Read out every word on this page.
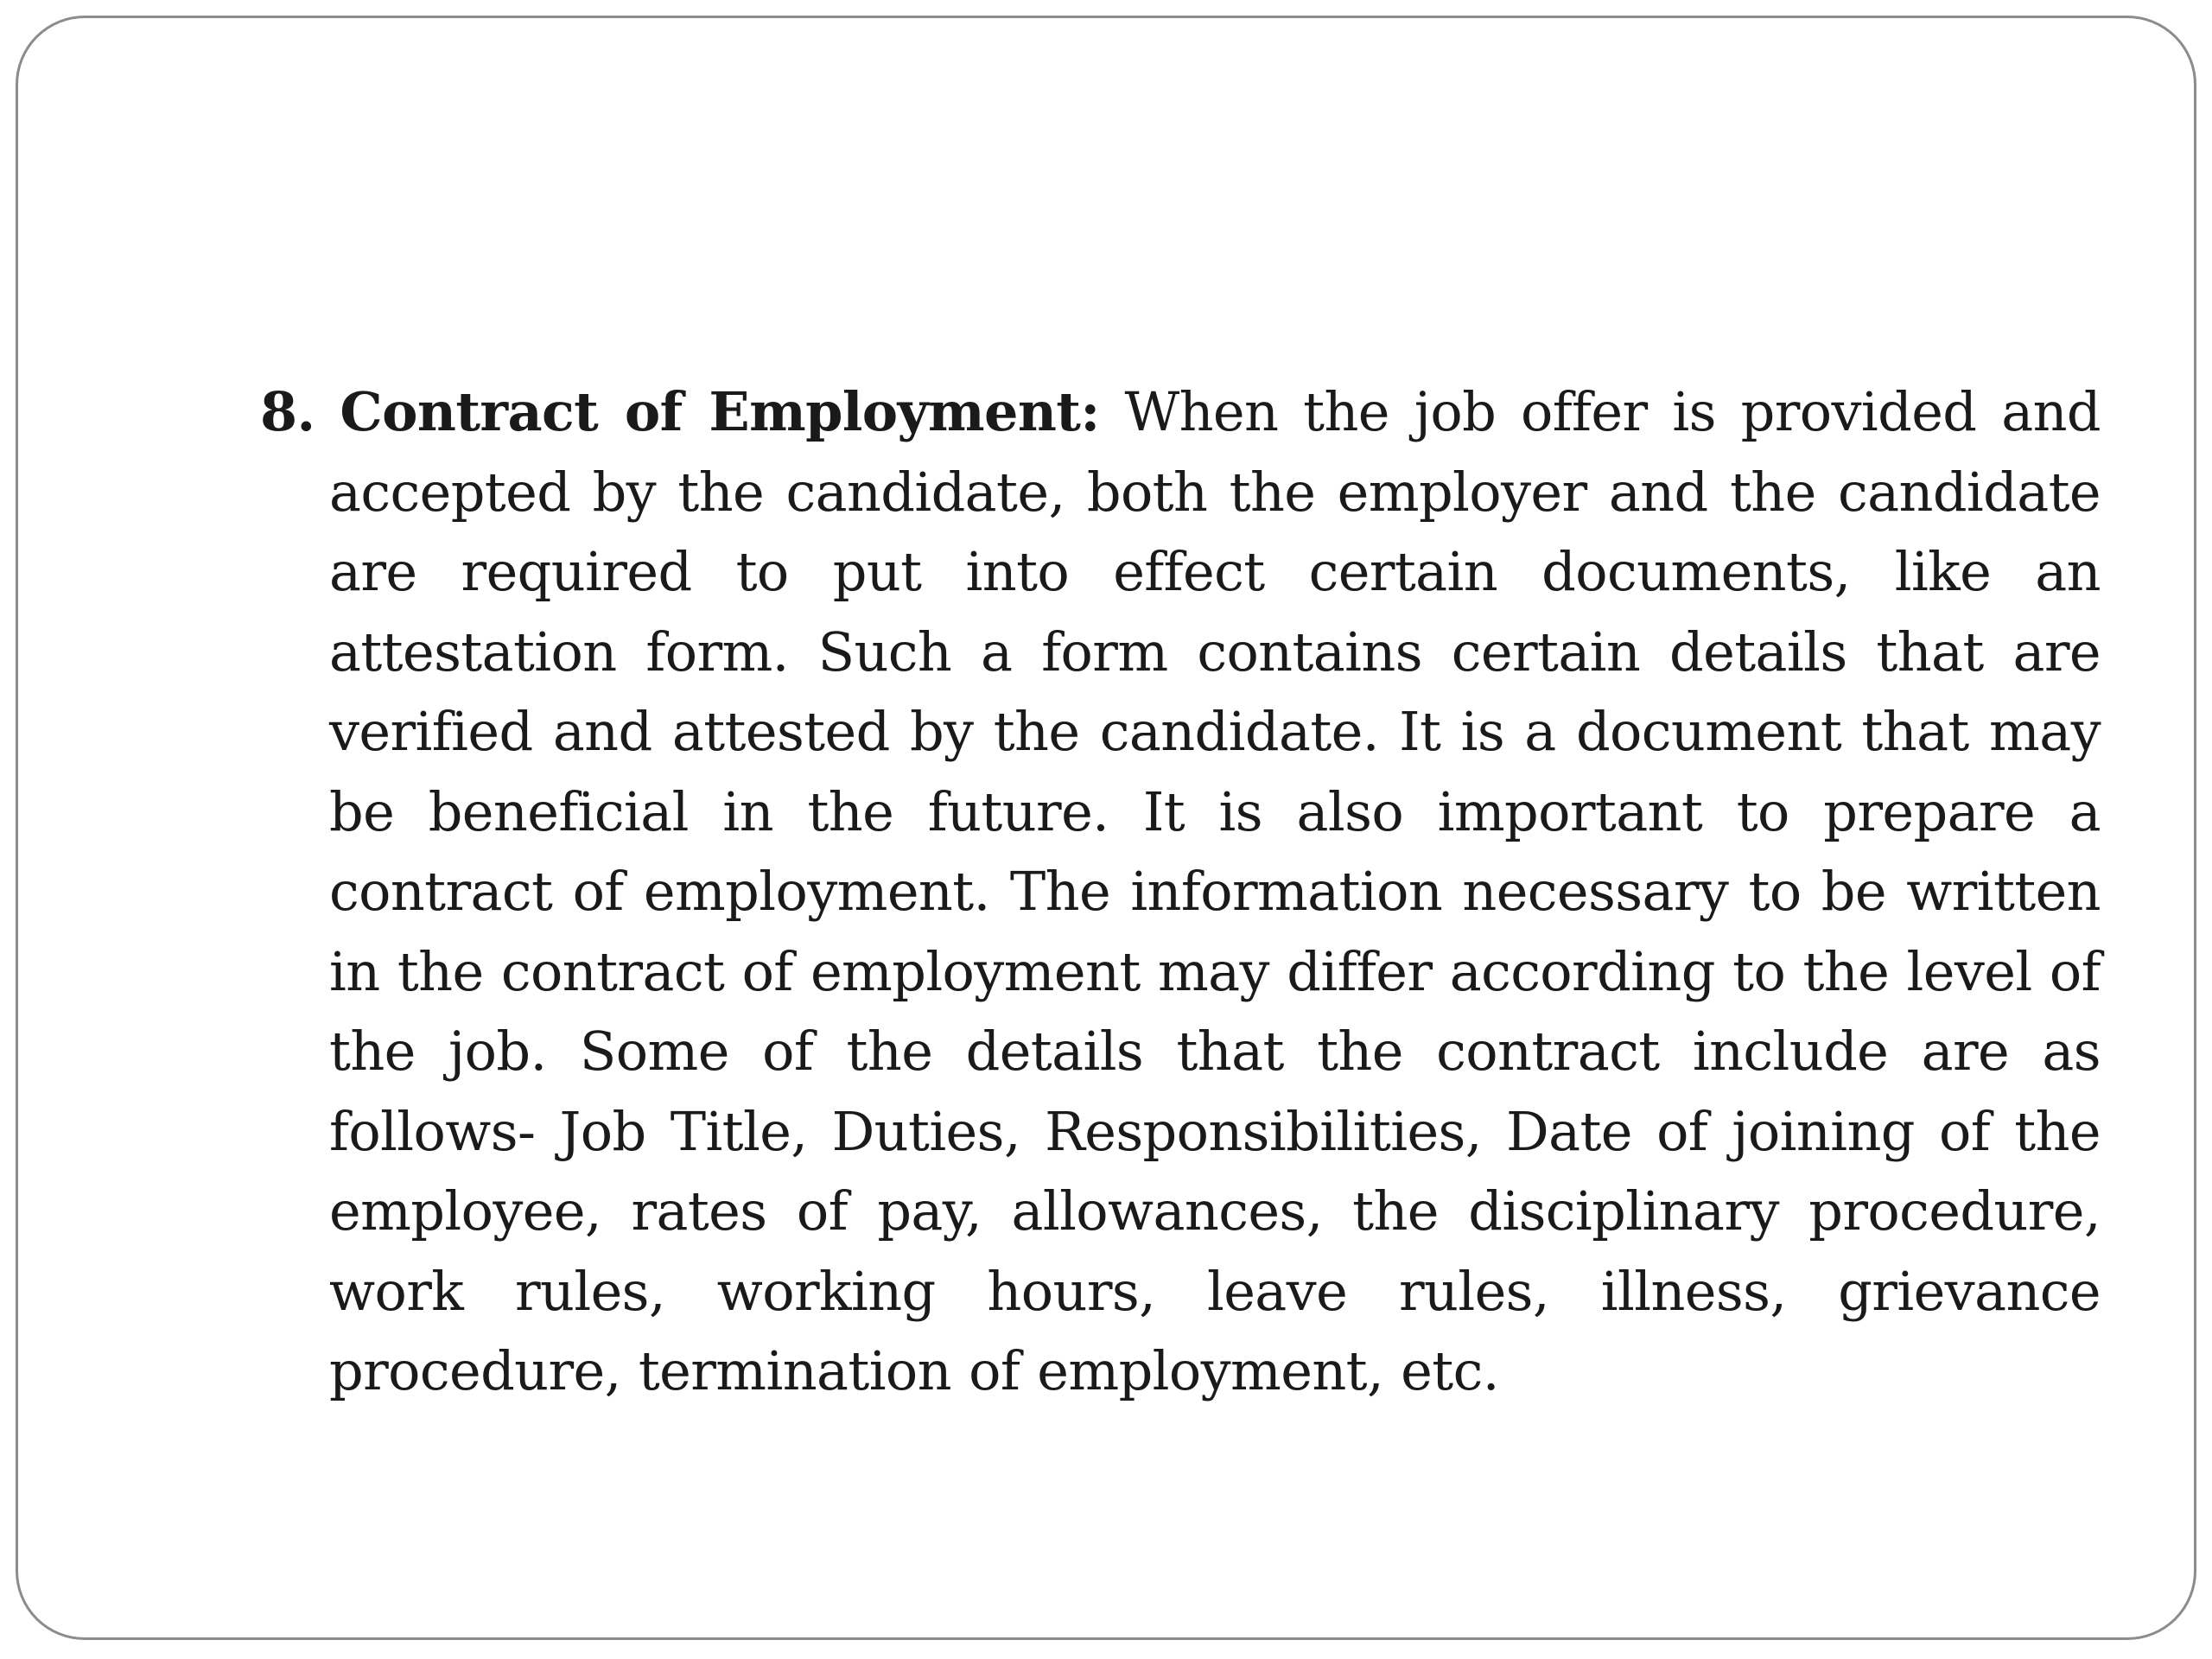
8. Contract of Employment: When the job offer is provided and accepted by the candidate, both the employer and the candidate are required to put into effect certain documents, like an attestation form. Such a form contains certain details that are verified and attested by the candidate. It is a document that may be beneficial in the future. It is also important to prepare a contract of employment. The information necessary to be written in the contract of employment may differ according to the level of the job. Some of the details that the contract include are as follows- Job Title, Duties, Responsibilities, Date of joining of the employee, rates of pay, allowances, the disciplinary procedure, work rules, working hours, leave rules, illness, grievance procedure, termination of employment, etc.
